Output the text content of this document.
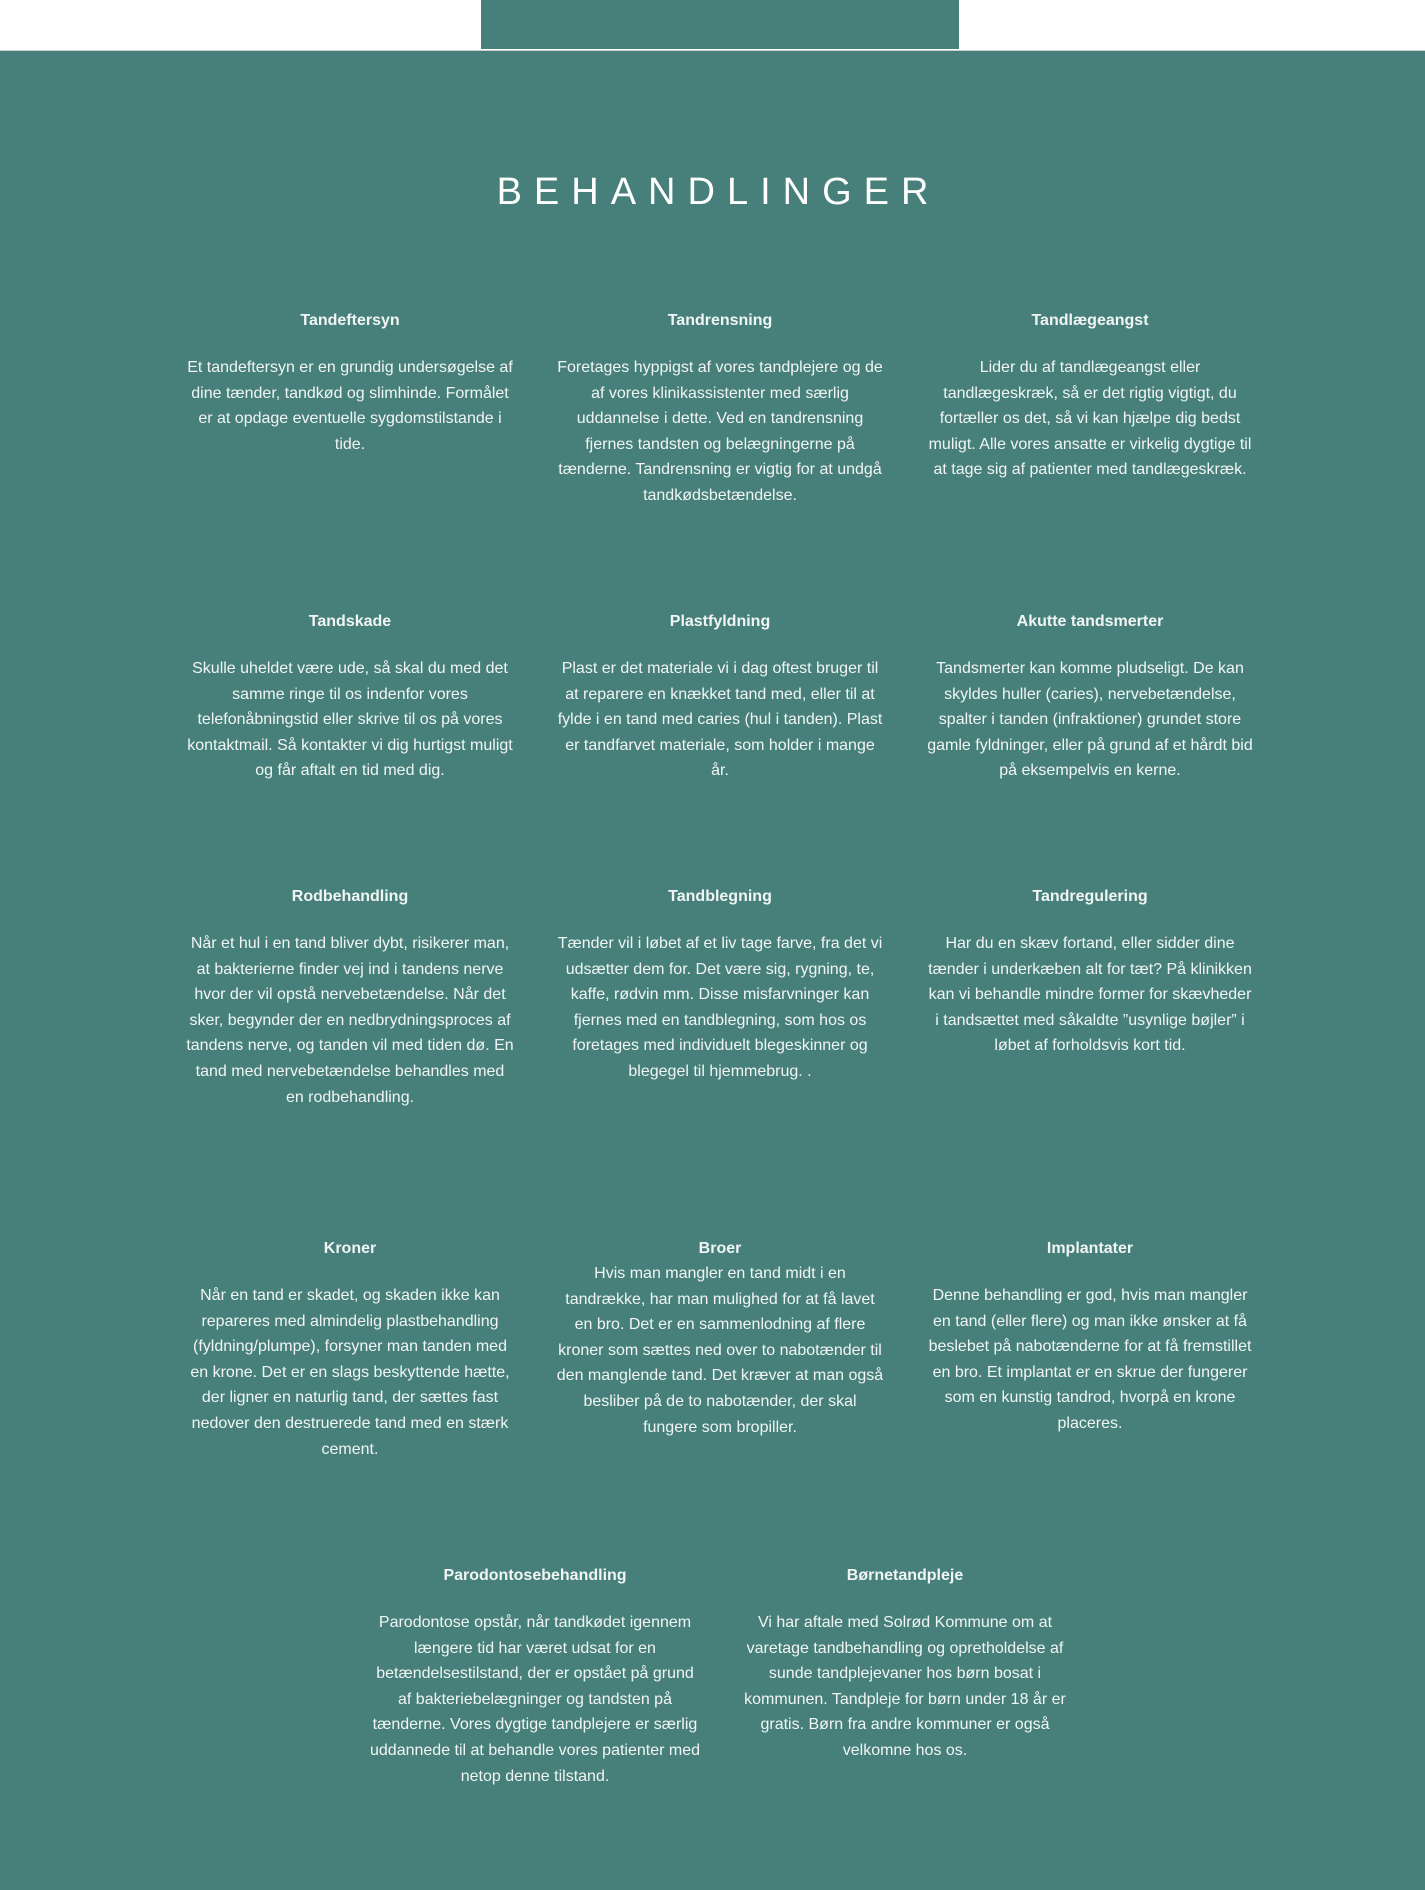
BEHANDLINGER

Tandeftersyn

Et tandeftersyn er en grundig undersøgelse af dine tænder, tandkød og slimhinde. Formålet er at opdage eventuelle sygdomstilstande i tide.

Tandrensning

Foretages hyppigst af vores tandplejere og de af vores klinikassistenter med særlig uddannelse i dette. Ved en tandrensning fjernes tandsten og belægningerne på tænderne. Tandrensning er vigtig for at undgå tandkødsbetændelse.

Tandlægeangst

Lider du af tandlægeangst eller tandlægeskræk, så er det rigtig vigtigt, du fortæller os det, så vi kan hjælpe dig bedst muligt. Alle vores ansatte er virkelig dygtige til at tage sig af patienter med tandlægeskræk.

Tandskade

Skulle uheldet være ude, så skal du med det samme ringe til os indenfor vores telefonåbningstid eller skrive til os på vores kontaktmail. Så kontakter vi dig hurtigst muligt og får aftalt en tid med dig.

Plastfyldning

Plast er det materiale vi i dag oftest bruger til at reparere en knækket tand med, eller til at fylde i en tand med caries (hul i tanden). Plast er tandfarvet materiale, som holder i mange år.

Akutte tandsmerter

Tandsmerter kan komme pludseligt. De kan skyldes huller (caries), nervebetændelse, spalter i tanden (infraktioner) grundet store gamle fyldninger, eller på grund af et hårdt bid på eksempelvis en kerne.

Rodbehandling

Når et hul i en tand bliver dybt, risikerer man, at bakterierne finder vej ind i tandens nerve hvor der vil opstå nervebetændelse. Når det sker, begynder der en nedbrydningsproces af tandens nerve, og tanden vil med tiden dø. En tand med nervebetændelse behandles med en rodbehandling.

Tandblegning

Tænder vil i løbet af et liv tage farve, fra det vi udsætter dem for. Det være sig, rygning, te, kaffe, rødvin mm. Disse misfarvninger kan fjernes med en tandblegning, som hos os foretages med individuelt blegeskinner og blegegel til hjemmebrug. .

Tandregulering

Har du en skæv fortand, eller sidder dine tænder i underkæben alt for tæt? På klinikken kan vi behandle mindre former for skævheder i tandsættet med såkaldte ”usynlige bøjler” i løbet af forholdsvis kort tid.

Kroner

Når en tand er skadet, og skaden ikke kan repareres med almindelig plastbehandling (fyldning/plumpe), forsyner man tanden med en krone. Det er en slags beskyttende hætte, der ligner en naturlig tand, der sættes fast nedover den destruerede tand med en stærk cement.

Broer

Hvis man mangler en tand midt i en tandrække, har man mulighed for at få lavet en bro. Det er en sammenlodning af flere kroner som sættes ned over to nabotænder til den manglende tand. Det kræver at man også besliber på de to nabotænder, der skal fungere som bropiller.

Implantater

Denne behandling er god, hvis man mangler en tand (eller flere) og man ikke ønsker at få beslebet på nabotænderne for at få fremstillet en bro. Et implantat er en skrue der fungerer som en kunstig tandrod, hvorpå en krone placeres.

Parodontosebehandling

Parodontose opstår, når tandkødet igennem længere tid har været udsat for en betændelsestilstand, der er opstået på grund af bakteriebelægninger og tandsten på tænderne. Vores dygtige tandplejere er særlig uddannede til at behandle vores patienter med netop denne tilstand.

Børnetandpleje

Vi har aftale med Solrød Kommune om at varetage tandbehandling og opretholdelse af sunde tandplejevaner hos børn bosat i kommunen. Tandpleje for børn under 18 år er gratis. Børn fra andre kommuner er også velkomne hos os.
